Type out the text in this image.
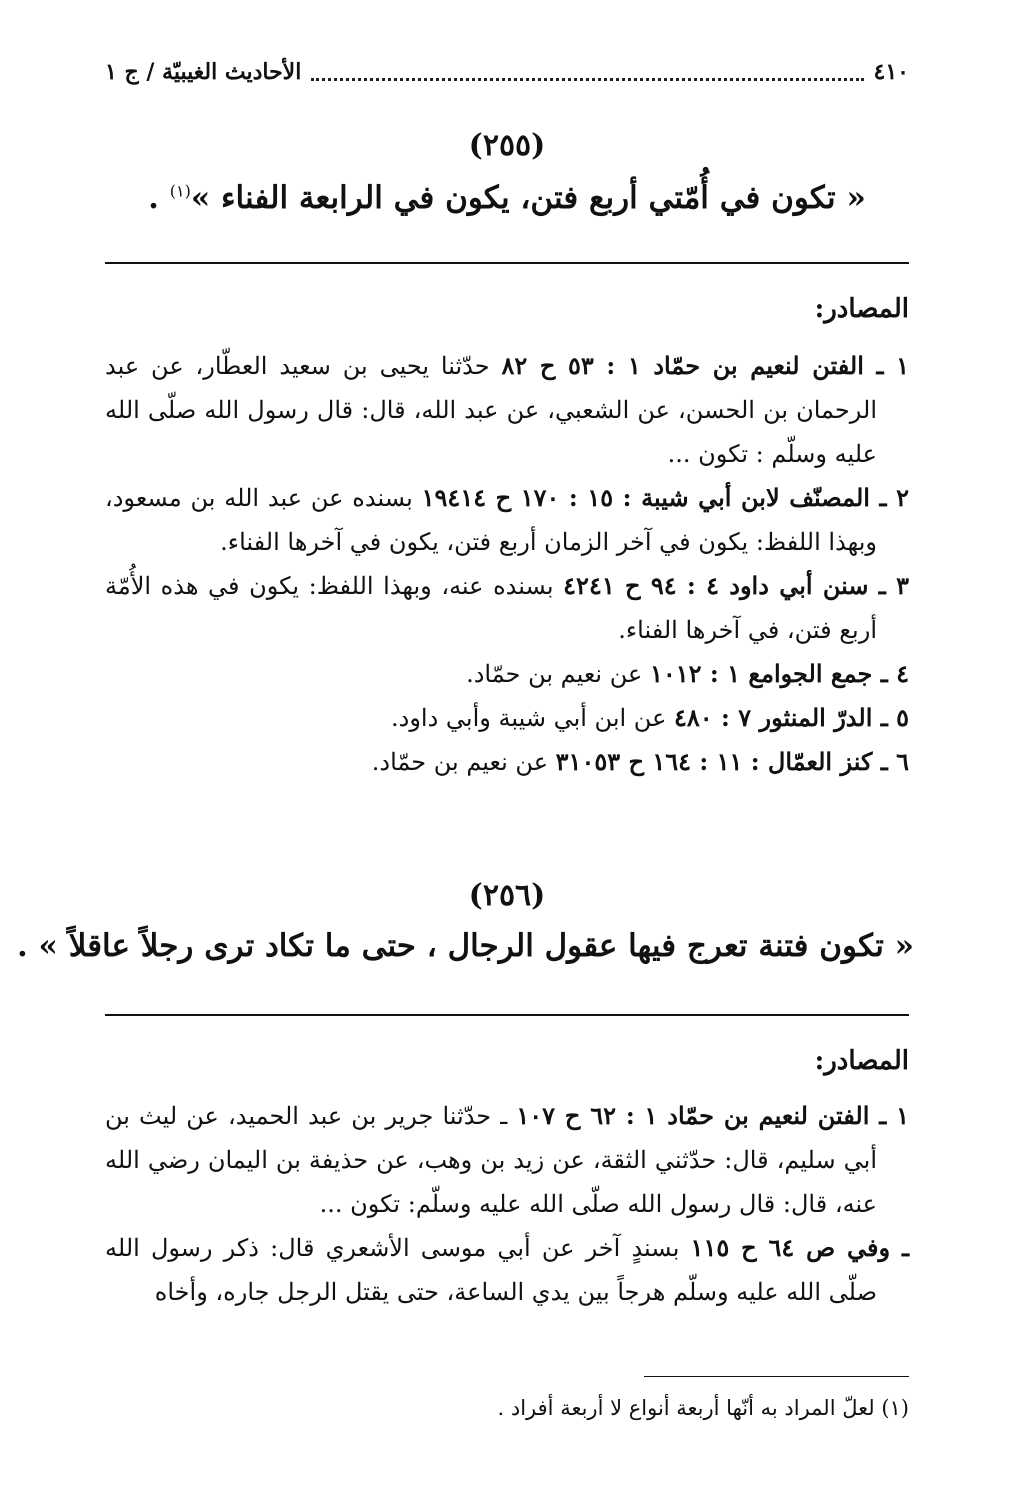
٤١٠
الأحاديث الغيبيّة / ج ١
(٢٥٥)
« تكون في أُمّتي أربع فتن، يكون في الرابعة الفناء »$^{(١)}$ .
المصادر:
١ ـ الفتن لنعيم بن حمّاد ١ : ٥٣ ح ٨٢ حدّثنا يحيى بن سعيد العطّار، عن عبد الرحمان بن الحسن، عن الشعبي، عن عبد الله، قال: قال رسول الله صلّى الله عليه وسلّم : تكون ...
٢ ـ المصنّف لابن أبي شيبة : ١٥ : ١٧٠ ح ١٩٤١٤ بسنده عن عبد الله بن مسعود، وبهذا اللفظ: يكون في آخر الزمان أربع فتن، يكون في آخرها الفناء.
٣ ـ سنن أبي داود ٤ : ٩٤ ح ٤٢٤١ بسنده عنه، وبهذا اللفظ: يكون في هذه الأُمّة أربع فتن، في آخرها الفناء.
٤ ـ جمع الجوامع ١ : ١٠١٢ عن نعيم بن حمّاد.
٥ ـ الدرّ المنثور ٧ : ٤٨٠ عن ابن أبي شيبة وأبي داود.
٦ ـ كنز العمّال : ١١ : ١٦٤ ح ٣١٠٥٣ عن نعيم بن حمّاد.
(٢٥٦)
« تكون فتنة تعرج فيها عقول الرجال ، حتى ما تكاد ترى رجلاً عاقلاً » .
المصادر:
١ ـ الفتن لنعيم بن حمّاد ١ : ٦٢ ح ١٠٧ ـ حدّثنا جرير بن عبد الحميد، عن ليث بن أبي سليم، قال: حدّثني الثقة، عن زيد بن وهب، عن حذيفة بن اليمان رضي الله عنه، قال: قال رسول الله صلّى الله عليه وسلّم: تكون ...
ـ وفي ص ٦٤ ح ١١٥ بسندٍ آخر عن أبي موسى الأشعري قال: ذكر رسول الله صلّى الله عليه وسلّم هرجاً بين يدي الساعة، حتى يقتل الرجل جاره، وأخاه
(١) لعلّ المراد به أنّها أربعة أنواع لا أربعة أفراد .
